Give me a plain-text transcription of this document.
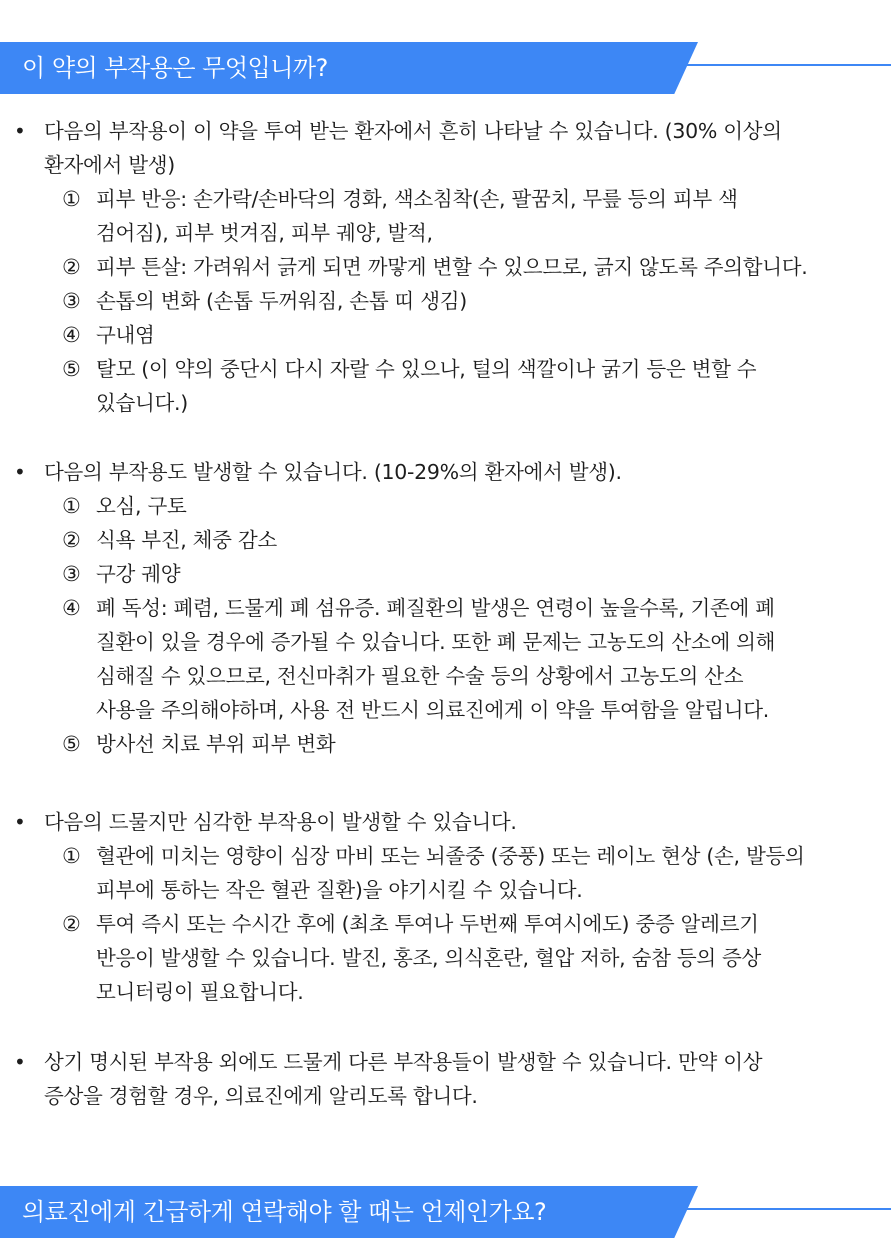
이 약의 부작용은 무엇입니까?
• 다음의 부작용이 이 약을 투여 받는 환자에서 흔히 나타날 수 있습니다. (30% 이상의
환자에서 발생)
① 피부 반응: 손가락/손바닥의 경화, 색소침착(손, 팔꿈치, 무릎 등의 피부 색
검어짐), 피부 벗겨짐, 피부 궤양, 발적,
② 피부 튼살: 가려워서 긁게 되면 까맣게 변할 수 있으므로, 긁지 않도록 주의합니다.
③ 손톱의 변화 (손톱 두꺼워짐, 손톱 띠 생김)
④ 구내염
⑤ 탈모 (이 약의 중단시 다시 자랄 수 있으나, 털의 색깔이나 굵기 등은 변할 수
있습니다.)
• 다음의 부작용도 발생할 수 있습니다. (10-29%의 환자에서 발생).
① 오심, 구토
② 식욕 부진, 체중 감소
③ 구강 궤양
④ 폐 독성: 폐렴, 드물게 폐 섬유증. 폐질환의 발생은 연령이 높을수록, 기존에 폐
질환이 있을 경우에 증가될 수 있습니다. 또한 폐 문제는 고농도의 산소에 의해
심해질 수 있으므로, 전신마취가 필요한 수술 등의 상황에서 고농도의 산소
사용을 주의해야하며, 사용 전 반드시 의료진에게 이 약을 투여함을 알립니다.
⑤ 방사선 치료 부위 피부 변화
• 다음의 드물지만 심각한 부작용이 발생할 수 있습니다.
① 혈관에 미치는 영향이 심장 마비 또는 뇌졸중 (중풍) 또는 레이노 현상 (손, 발등의
피부에 통하는 작은 혈관 질환)을 야기시킬 수 있습니다.
② 투여 즉시 또는 수시간 후에 (최초 투여나 두번째 투여시에도) 중증 알레르기
반응이 발생할 수 있습니다. 발진, 홍조, 의식혼란, 혈압 저하, 숨참 등의 증상
모니터링이 필요합니다.
• 상기 명시된 부작용 외에도 드물게 다른 부작용들이 발생할 수 있습니다. 만약 이상
증상을 경험할 경우, 의료진에게 알리도록 합니다.
의료진에게 긴급하게 연락해야 할 때는 언제인가요?
